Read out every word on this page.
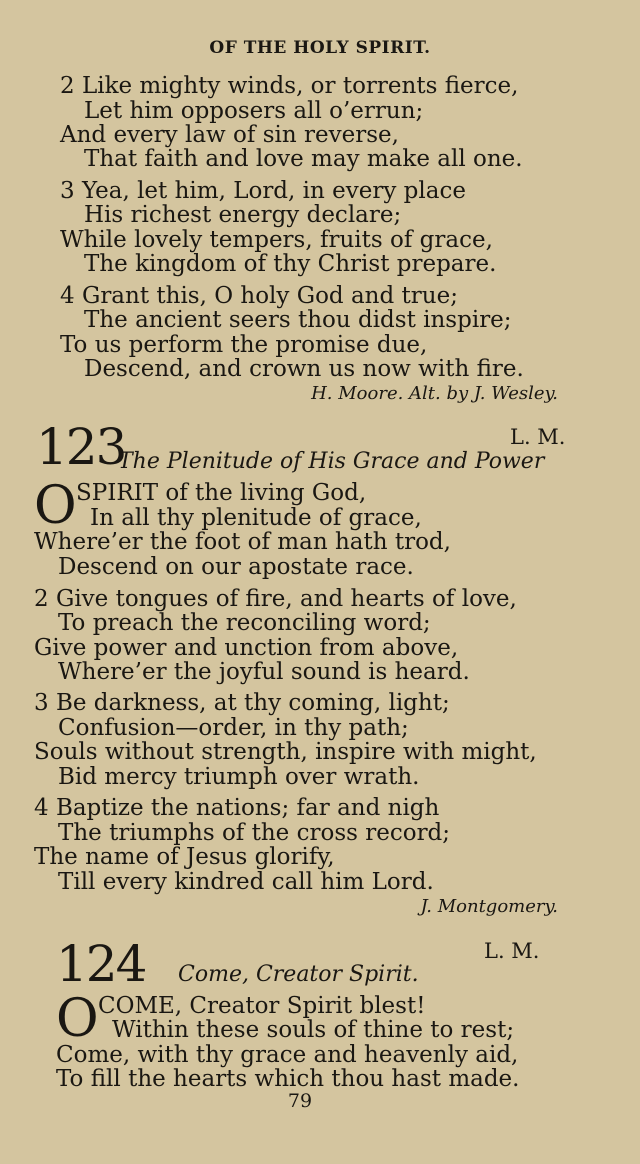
OF THE HOLY SPIRIT.
2 Like mighty winds, or torrents fierce,
Let him opposers all o’errun;
And every law of sin reverse,
That faith and love may make all one.
3 Yea, let him, Lord, in every place
His richest energy declare;
While lovely tempers, fruits of grace,
The kingdom of thy Christ prepare.
4 Grant this, O holy God and true;
The ancient seers thou didst inspire;
To us perform the promise due,
Descend, and crown us now with fire.
H. Moore. Alt. by J. Wesley.
123	L. M.
The Plenitude of His Grace and Power
O SPIRIT of the living God,
In all thy plenitude of grace,
Where’er the foot of man hath trod,
Descend on our apostate race.
2 Give tongues of fire, and hearts of love,
To preach the reconciling word;
Give power and unction from above,
Where’er the joyful sound is heard.
3 Be darkness, at thy coming, light;
Confusion—order, in thy path;
Souls without strength, inspire with might,
Bid mercy triumph over wrath.
4 Baptize the nations; far and nigh
The triumphs of the cross record;
The name of Jesus glorify,
Till every kindred call him Lord.
J. Montgomery.
124	L. M.
Come, Creator Spirit.
O COME, Creator Spirit blest!
Within these souls of thine to rest;
Come, with thy grace and heavenly aid,
To fill the hearts which thou hast made.
79
